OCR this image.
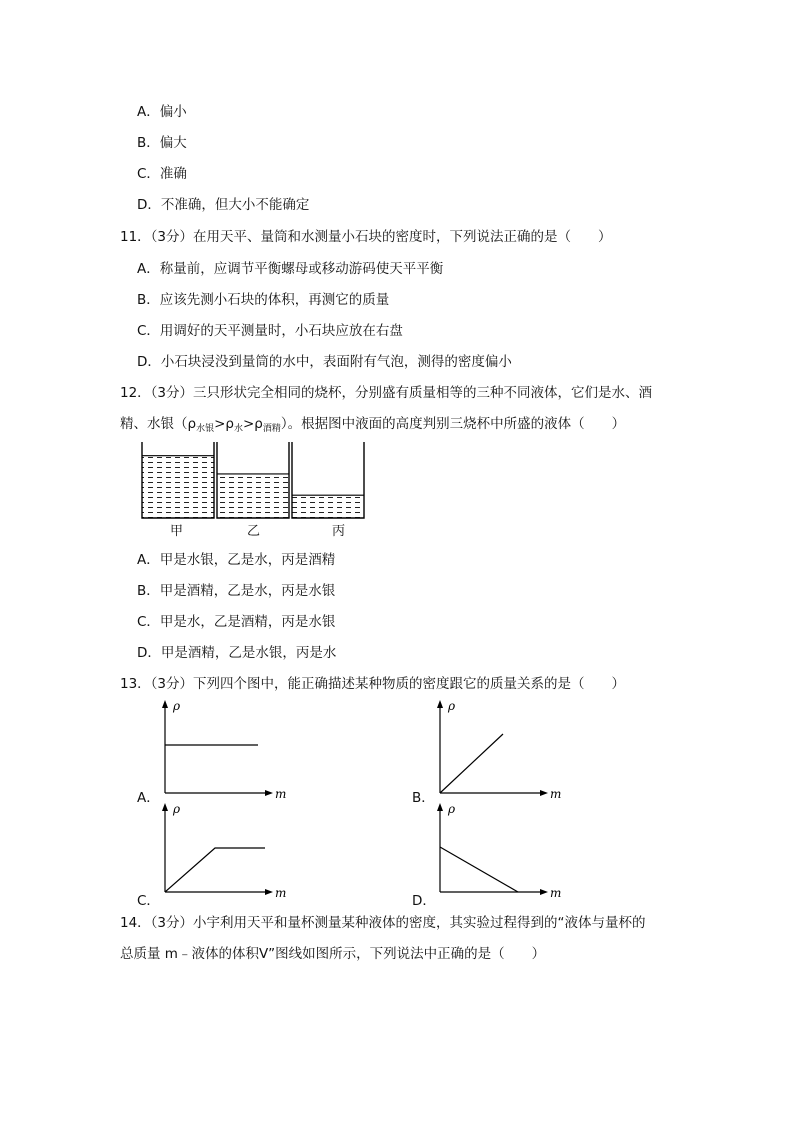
A．偏小
B．偏大
C．准确
D．不准确，但大小不能确定
11．（3分）在用天平、量筒和水测量小石块的密度时，下列说法正确的是（　　）
A．称量前，应调节平衡螺母或移动游码使天平平衡
B．应该先测小石块的体积，再测它的质量
C．用调好的天平测量时，小石块应放在右盘
D．小石块浸没到量筒的水中，表面附有气泡，测得的密度偏小
12．（3分）三只形状完全相同的烧杯，分别盛有质量相等的三种不同液体，它们是水、酒
精、水银$(\rho_{水银}>\rho_水>\rho_{酒精})$。根据图中液面的高度判别三烧杯中所盛的液体（　　）
甲	乙	丙
A．甲是水银，乙是水，丙是酒精
B．甲是酒精，乙是水，丙是水银
C．甲是水，乙是酒精，丙是水银
D．甲是酒精，乙是水银，丙是水
13．（3分）下列四个图中，能正确描述某种物质的密度跟它的质量关系的是（　　）
A．
ρ
m	B．
ρ
m
C．
ρ
m	D．
ρ
m
14．（3分）小宇利用天平和量杯测量某种液体的密度，其实验过程得到的“液体与量杯的
总质量 m﹣液体的体积V”图线如图所示，下列说法中正确的是（　　）
